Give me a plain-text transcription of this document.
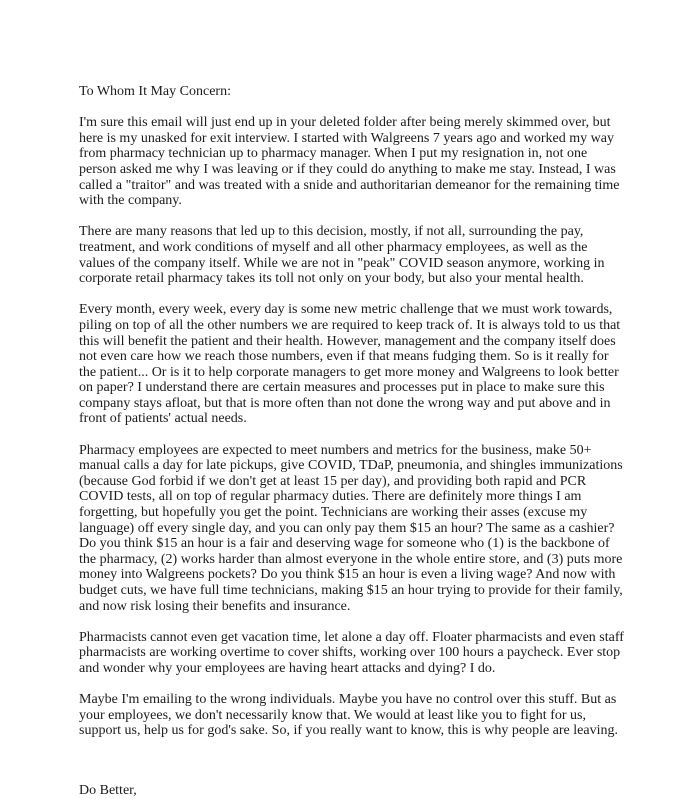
To Whom It May Concern:

I'm sure this email will just end up in your deleted folder after being merely skimmed over, but here is my unasked for exit interview. I started with Walgreens 7 years ago and worked my way from pharmacy technician up to pharmacy manager. When I put my resignation in, not one person asked me why I was leaving or if they could do anything to make me stay. Instead, I was called a "traitor" and was treated with a snide and authoritarian demeanor for the remaining time with the company.

There are many reasons that led up to this decision, mostly, if not all, surrounding the pay, treatment, and work conditions of myself and all other pharmacy employees, as well as the values of the company itself. While we are not in "peak" COVID season anymore, working in corporate retail pharmacy takes its toll not only on your body, but also your mental health.

Every month, every week, every day is some new metric challenge that we must work towards, piling on top of all the other numbers we are required to keep track of. It is always told to us that this will benefit the patient and their health. However, management and the company itself does not even care how we reach those numbers, even if that means fudging them. So is it really for the patient... Or is it to help corporate managers to get more money and Walgreens to look better on paper? I understand there are certain measures and processes put in place to make sure this company stays afloat, but that is more often than not done the wrong way and put above and in front of patients' actual needs.

Pharmacy employees are expected to meet numbers and metrics for the business, make 50+ manual calls a day for late pickups, give COVID, TDaP, pneumonia, and shingles immunizations (because God forbid if we don't get at least 15 per day), and providing both rapid and PCR COVID tests, all on top of regular pharmacy duties. There are definitely more things I am forgetting, but hopefully you get the point. Technicians are working their asses (excuse my language) off every single day, and you can only pay them $15 an hour? The same as a cashier? Do you think $15 an hour is a fair and deserving wage for someone who (1) is the backbone of the pharmacy, (2) works harder than almost everyone in the whole entire store, and (3) puts more money into Walgreens pockets? Do you think $15 an hour is even a living wage? And now with budget cuts, we have full time technicians, making $15 an hour trying to provide for their family, and now risk losing their benefits and insurance.

Pharmacists cannot even get vacation time, let alone a day off. Floater pharmacists and even staff pharmacists are working overtime to cover shifts, working over 100 hours a paycheck. Ever stop and wonder why your employees are having heart attacks and dying? I do.

Maybe I'm emailing to the wrong individuals. Maybe you have no control over this stuff. But as your employees, we don't necessarily know that. We would at least like you to fight for us, support us, help us for god's sake. So, if you really want to know, this is why people are leaving.

Do Better,
